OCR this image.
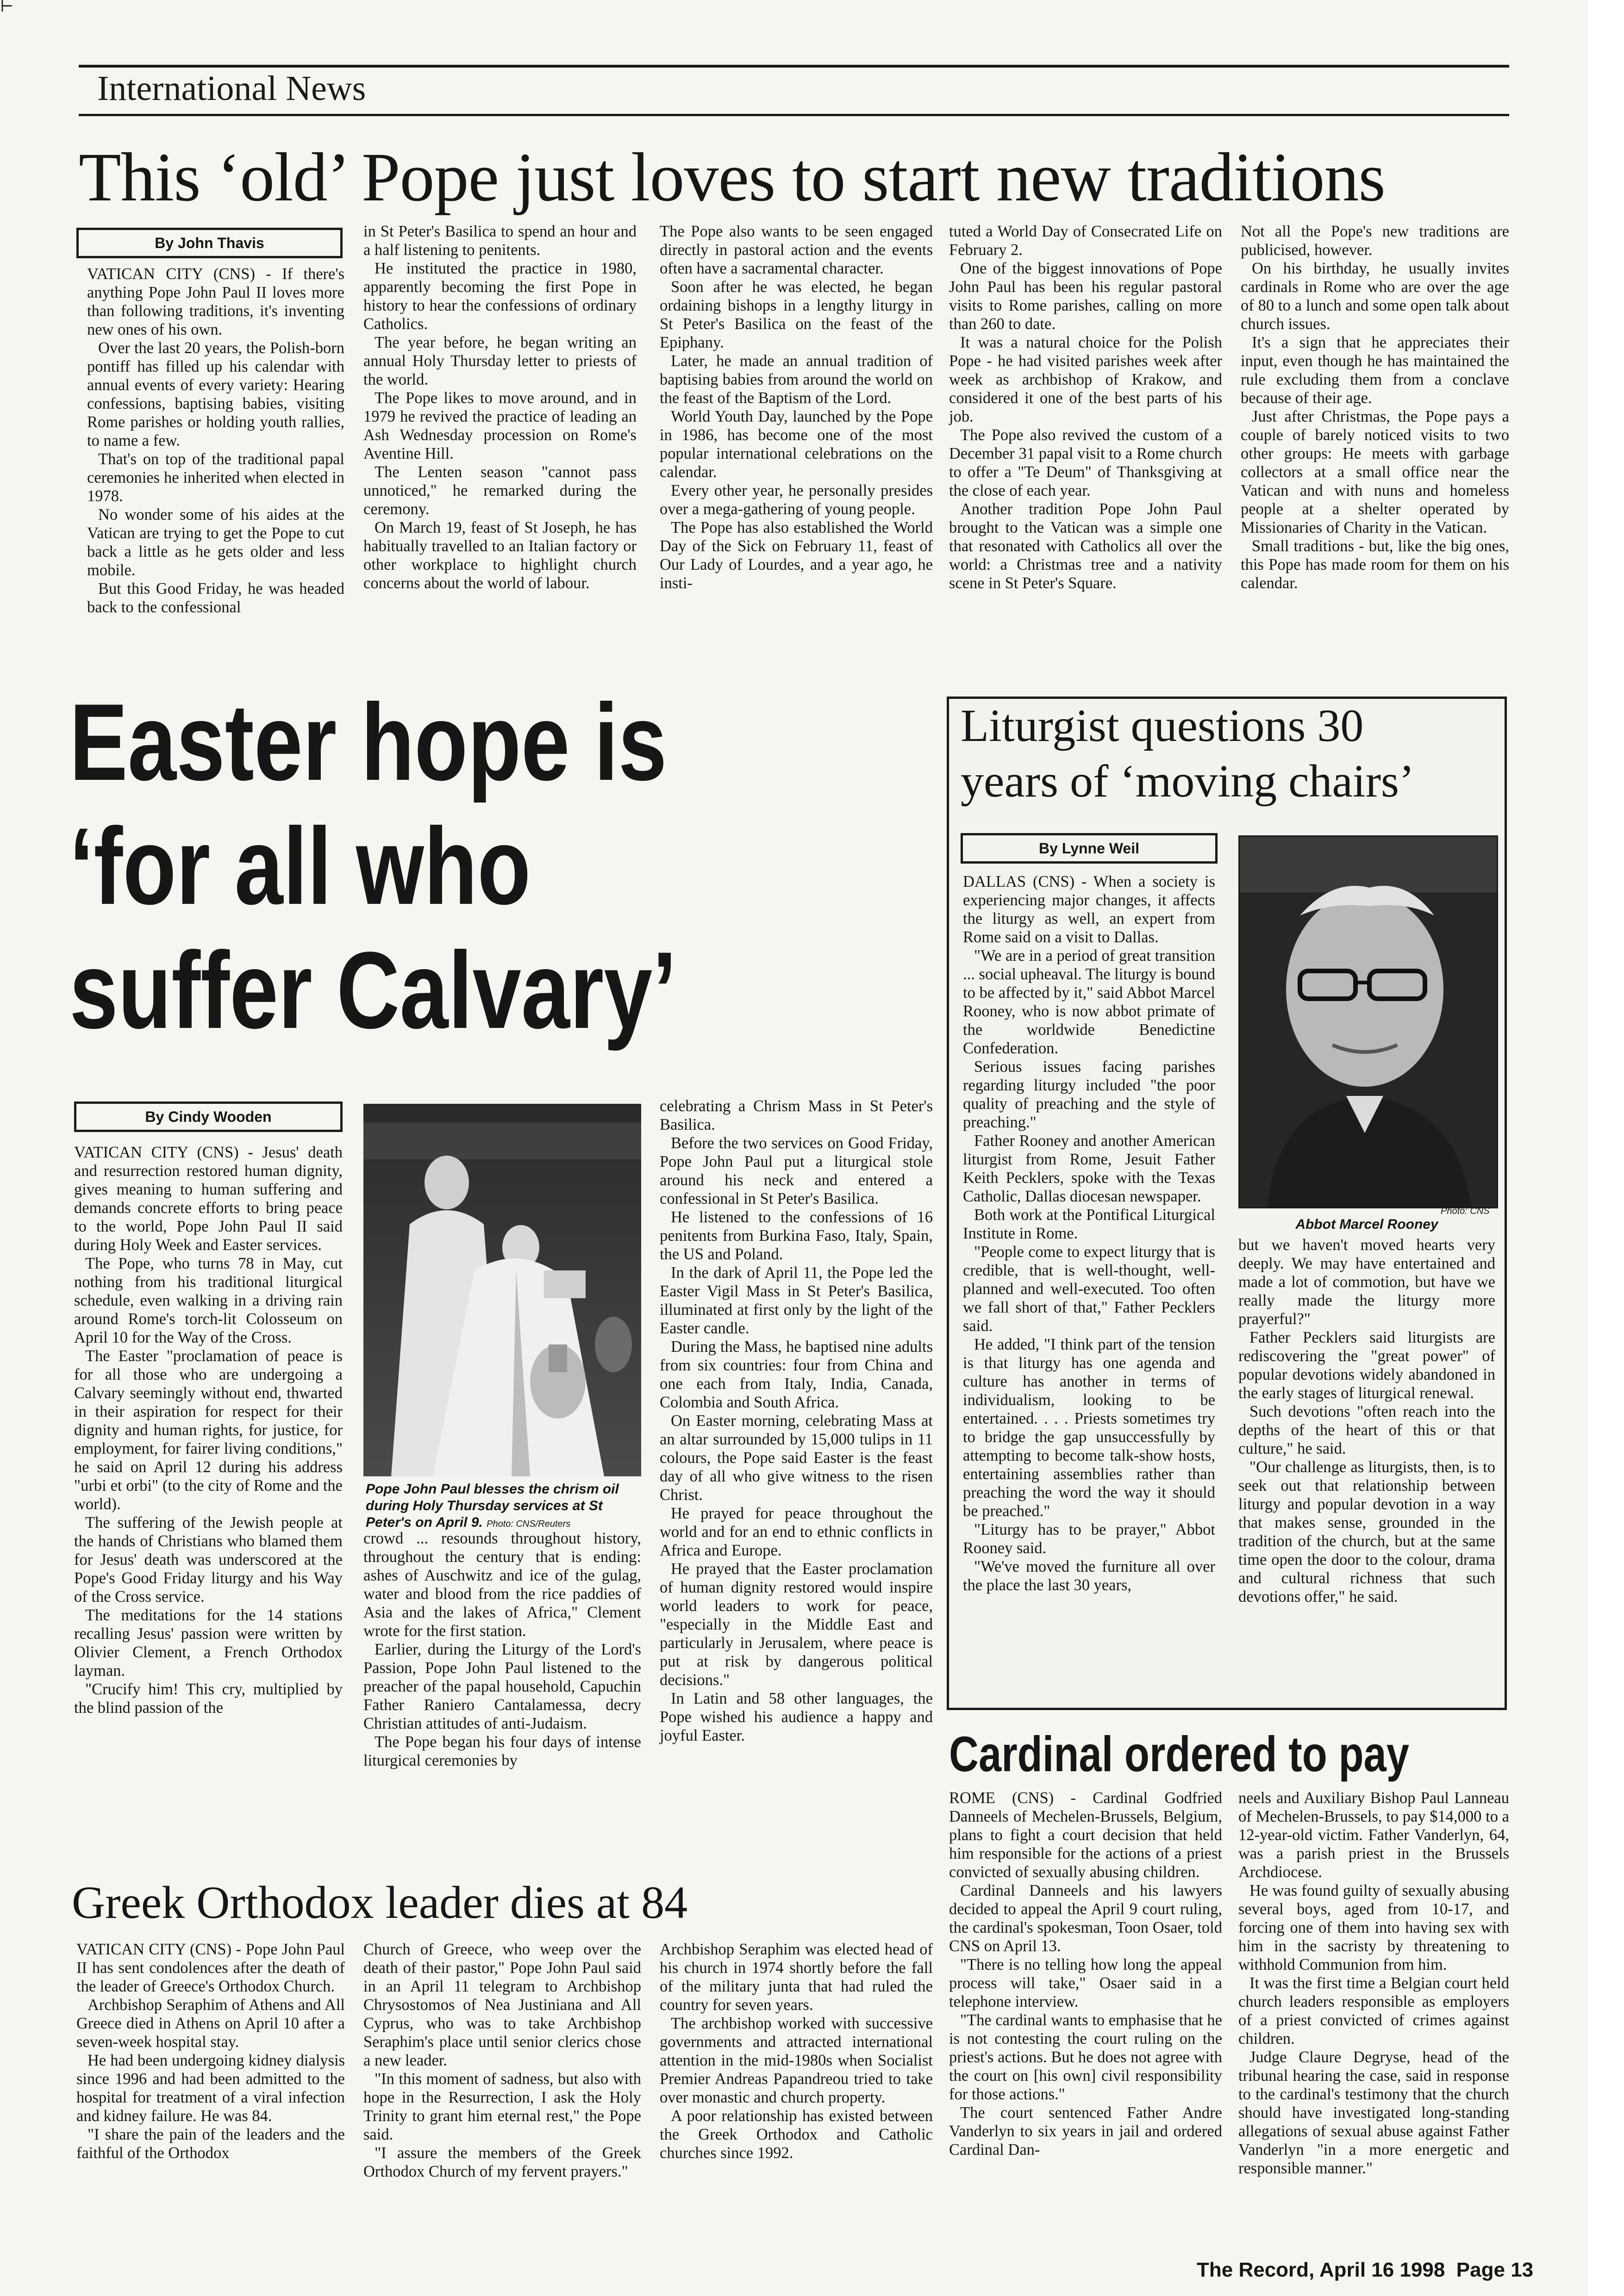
⊢
International News
This ‘old’ Pope just loves to start new traditions
By John Thavis

VATICAN CITY (CNS) - If there's anything Pope John Paul II loves more than following traditions, it's inventing new ones of his own.

Over the last 20 years, the Polish-born pontiff has filled up his calendar with annual events of every variety: Hearing confessions, baptising babies, visiting Rome parishes or holding youth rallies, to name a few.

That's on top of the traditional papal ceremonies he inherited when elected in 1978.

No wonder some of his aides at the Vatican are trying to get the Pope to cut back a little as he gets older and less mobile.

But this Good Friday, he was headed back to the confessional

in St Peter's Basilica to spend an hour and a half listening to penitents.

He instituted the practice in 1980, apparently becoming the first Pope in history to hear the confessions of ordinary Catholics.

The year before, he began writing an annual Holy Thursday letter to priests of the world.

The Pope likes to move around, and in 1979 he revived the practice of leading an Ash Wednesday procession on Rome's Aventine Hill.

The Lenten season "cannot pass unnoticed," he remarked during the ceremony.

On March 19, feast of St Joseph, he has habitually travelled to an Italian factory or other workplace to highlight church concerns about the world of labour.

The Pope also wants to be seen engaged directly in pastoral action and the events often have a sacramental character.

Soon after he was elected, he began ordaining bishops in a lengthy liturgy in St Peter's Basilica on the feast of the Epiphany.

Later, he made an annual tradition of baptising babies from around the world on the feast of the Baptism of the Lord.

World Youth Day, launched by the Pope in 1986, has become one of the most popular international celebrations on the calendar.

Every other year, he personally presides over a mega-gathering of young people.

The Pope has also established the World Day of the Sick on February 11, feast of Our Lady of Lourdes, and a year ago, he insti-

tuted a World Day of Consecrated Life on February 2.

One of the biggest innovations of Pope John Paul has been his regular pastoral visits to Rome parishes, calling on more than 260 to date.

It was a natural choice for the Polish Pope - he had visited parishes week after week as archbishop of Krakow, and considered it one of the best parts of his job.

The Pope also revived the custom of a December 31 papal visit to a Rome church to offer a "Te Deum" of Thanksgiving at the close of each year.

Another tradition Pope John Paul brought to the Vatican was a simple one that resonated with Catholics all over the world: a Christmas tree and a nativity scene in St Peter's Square.

Not all the Pope's new traditions are publicised, however.

On his birthday, he usually invites cardinals in Rome who are over the age of 80 to a lunch and some open talk about church issues.

It's a sign that he appreciates their input, even though he has maintained the rule excluding them from a conclave because of their age.

Just after Christmas, the Pope pays a couple of barely noticed visits to two other groups: He meets with garbage collectors at a small office near the Vatican and with nuns and homeless people at a shelter operated by Missionaries of Charity in the Vatican.

Small traditions - but, like the big ones, this Pope has made room for them on his calendar.

Easter hope is
‘for all who
suffer Calvary’
By Cindy Wooden

VATICAN CITY (CNS) - Jesus' death and resurrection restored human dignity, gives meaning to human suffering and demands concrete efforts to bring peace to the world, Pope John Paul II said during Holy Week and Easter services.

The Pope, who turns 78 in May, cut nothing from his traditional liturgical schedule, even walking in a driving rain around Rome's torch-lit Colosseum on April 10 for the Way of the Cross.

The Easter "proclamation of peace is for all those who are undergoing a Calvary seemingly without end, thwarted in their aspiration for respect for their dignity and human rights, for justice, for employment, for fairer living conditions," he said on April 12 during his address "urbi et orbi" (to the city of Rome and the world).

The suffering of the Jewish people at the hands of Christians who blamed them for Jesus' death was underscored at the Pope's Good Friday liturgy and his Way of the Cross service.

The meditations for the 14 stations recalling Jesus' passion were written by Olivier Clement, a French Orthodox layman.

"Crucify him! This cry, multiplied by the blind passion of the

Pope John Paul blesses the chrism oil during Holy Thursday services at St Peter's on April 9. Photo: CNS/Reuters

crowd ... resounds throughout history, throughout the century that is ending: ashes of Auschwitz and ice of the gulag, water and blood from the rice paddies of Asia and the lakes of Africa," Clement wrote for the first station.

Earlier, during the Liturgy of the Lord's Passion, Pope John Paul listened to the preacher of the papal household, Capuchin Father Raniero Cantalamessa, decry Christian attitudes of anti-Judaism.

The Pope began his four days of intense liturgical ceremonies by

celebrating a Chrism Mass in St Peter's Basilica.

Before the two services on Good Friday, Pope John Paul put a liturgical stole around his neck and entered a confessional in St Peter's Basilica.

He listened to the confessions of 16 penitents from Burkina Faso, Italy, Spain, the US and Poland.

In the dark of April 11, the Pope led the Easter Vigil Mass in St Peter's Basilica, illuminated at first only by the light of the Easter candle.

During the Mass, he baptised nine adults from six countries: four from China and one each from Italy, India, Canada, Colombia and South Africa.

On Easter morning, celebrating Mass at an altar surrounded by 15,000 tulips in 11 colours, the Pope said Easter is the feast day of all who give witness to the risen Christ.

He prayed for peace throughout the world and for an end to ethnic conflicts in Africa and Europe.

He prayed that the Easter proclamation of human dignity restored would inspire world leaders to work for peace, "especially in the Middle East and particularly in Jerusalem, where peace is put at risk by dangerous political decisions."

In Latin and 58 other languages, the Pope wished his audience a happy and joyful Easter.

Liturgist questions 30
years of ‘moving chairs’
By Lynne Weil

DALLAS (CNS) - When a society is experiencing major changes, it affects the liturgy as well, an expert from Rome said on a visit to Dallas.

"We are in a period of great transition ... social upheaval. The liturgy is bound to be affected by it," said Abbot Marcel Rooney, who is now abbot primate of the worldwide Benedictine Confederation.

Serious issues facing parishes regarding liturgy included "the poor quality of preaching and the style of preaching."

Father Rooney and another American liturgist from Rome, Jesuit Father Keith Pecklers, spoke with the Texas Catholic, Dallas diocesan newspaper.

Both work at the Pontifical Liturgical Institute in Rome.

"People come to expect liturgy that is credible, that is well-thought, well-planned and well-executed. Too often we fall short of that," Father Pecklers said.

He added, "I think part of the tension is that liturgy has one agenda and culture has another in terms of individualism, looking to be entertained. . . . Priests sometimes try to bridge the gap unsuccessfully by attempting to become talk-show hosts, entertaining assemblies rather than preaching the word the way it should be preached."

"Liturgy has to be prayer," Abbot Rooney said.

"We've moved the furniture all over the place the last 30 years,

Photo: CNS
Abbot Marcel Rooney

but we haven't moved hearts very deeply. We may have entertained and made a lot of commotion, but have we really made the liturgy more prayerful?"

Father Pecklers said liturgists are rediscovering the "great power" of popular devotions widely abandoned in the early stages of liturgical renewal.

Such devotions "often reach into the depths of the heart of this or that culture," he said.

"Our challenge as liturgists, then, is to seek out that relationship between liturgy and popular devotion in a way that makes sense, grounded in the tradition of the church, but at the same time open the door to the colour, drama and cultural richness that such devotions offer," he said.

Cardinal ordered to pay

ROME (CNS) - Cardinal Godfried Danneels of Mechelen-Brussels, Belgium, plans to fight a court decision that held him responsible for the actions of a priest convicted of sexually abusing children.

Cardinal Danneels and his lawyers decided to appeal the April 9 court ruling, the cardinal's spokesman, Toon Osaer, told CNS on April 13.

"There is no telling how long the appeal process will take," Osaer said in a telephone interview.

"The cardinal wants to emphasise that he is not contesting the court ruling on the priest's actions. But he does not agree with the court on [his own] civil responsibility for those actions."

The court sentenced Father Andre Vanderlyn to six years in jail and ordered Cardinal Dan-

neels and Auxiliary Bishop Paul Lanneau of Mechelen-Brussels, to pay $14,000 to a 12-year-old victim. Father Vanderlyn, 64, was a parish priest in the Brussels Archdiocese.

He was found guilty of sexually abusing several boys, aged from 10-17, and forcing one of them into having sex with him in the sacristy by threatening to withhold Communion from him.

It was the first time a Belgian court held church leaders responsible as employers of a priest convicted of crimes against children.

Judge Claure Degryse, head of the tribunal hearing the case, said in response to the cardinal's testimony that the church should have investigated long-standing allegations of sexual abuse against Father Vanderlyn "in a more energetic and responsible manner."

Greek Orthodox leader dies at 84

VATICAN CITY (CNS) - Pope John Paul II has sent condolences after the death of the leader of Greece's Orthodox Church.

Archbishop Seraphim of Athens and All Greece died in Athens on April 10 after a seven-week hospital stay.

He had been undergoing kidney dialysis since 1996 and had been admitted to the hospital for treatment of a viral infection and kidney failure. He was 84.

"I share the pain of the leaders and the faithful of the Orthodox

Church of Greece, who weep over the death of their pastor," Pope John Paul said in an April 11 telegram to Archbishop Chrysostomos of Nea Justiniana and All Cyprus, who was to take Archbishop Seraphim's place until senior clerics chose a new leader.

"In this moment of sadness, but also with hope in the Resurrection, I ask the Holy Trinity to grant him eternal rest," the Pope said.

"I assure the members of the Greek Orthodox Church of my fervent prayers."

Archbishop Seraphim was elected head of his church in 1974 shortly before the fall of the military junta that had ruled the country for seven years.

The archbishop worked with successive governments and attracted international attention in the mid-1980s when Socialist Premier Andreas Papandreou tried to take over monastic and church property.

A poor relationship has existed between the Greek Orthodox and Catholic churches since 1992.

The Record, April 16 1998  Page 13
